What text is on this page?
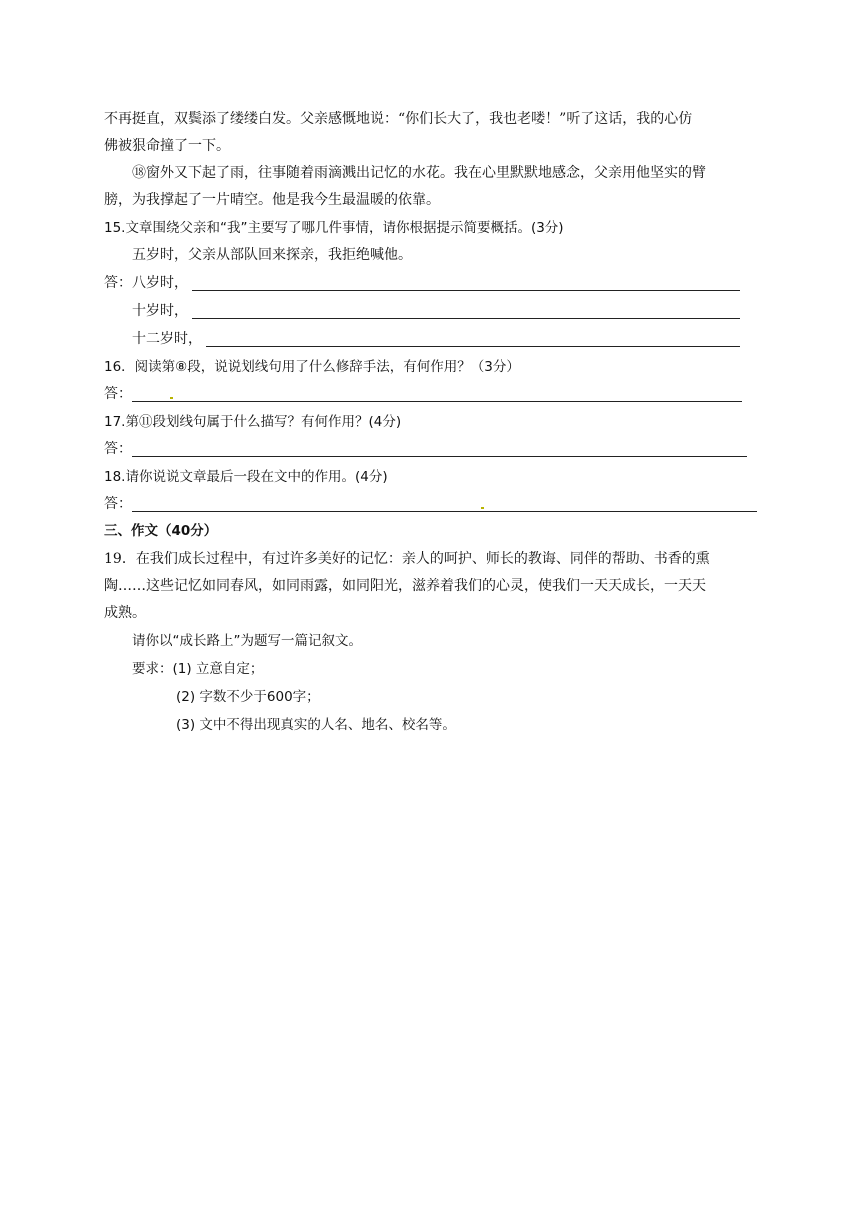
不再挺直，双鬓添了缕缕白发。父亲感慨地说：“你们长大了，我也老喽！”听了这话，我的心仿
佛被狠命撞了一下。
⑱窗外又下起了雨，往事随着雨滴溅出记忆的水花。我在心里默默地感念，父亲用他坚实的臂
膀，为我撑起了一片晴空。他是我今生最温暖的依靠。
15.文章围绕父亲和“我”主要写了哪几件事情，请你根据提示简要概括。(3分)
五岁时，父亲从部队回来探亲，我拒绝喊他。
答： 八岁时，
十岁时，
十二岁时，
16．阅读第⑧段，说说划线句用了什么修辞手法，有何作用？（3分）
答：
17.第⑪段划线句属于什么描写？有何作用？(4分)
答：
18.请你说说文章最后一段在文中的作用。(4分)
答：
三、作文（40分）
19．在我们成长过程中，有过许多美好的记忆：亲人的呵护、师长的教诲、同伴的帮助、书香的熏
陶……这些记忆如同春风，如同雨露，如同阳光，滋养着我们的心灵，使我们一天天成长，一天天
成熟。
请你以“成长路上”为题写一篇记叙文。
要求：(1) 立意自定；
(2) 字数不少于600字；
(3) 文中不得出现真实的人名、地名、校名等。
